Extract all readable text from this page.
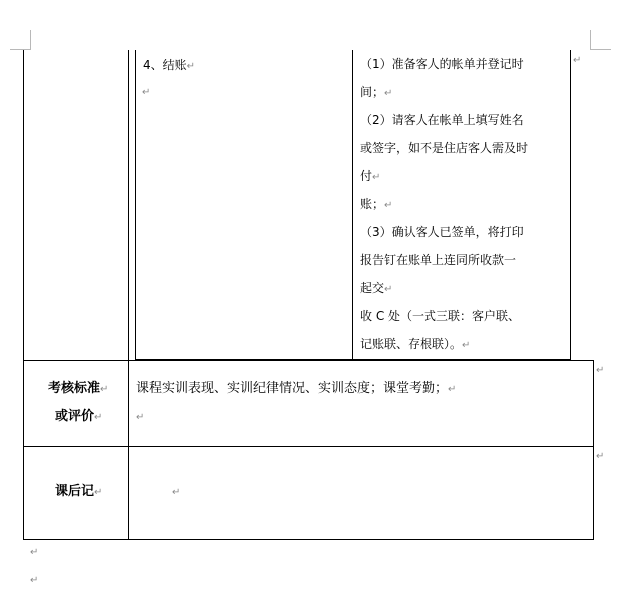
4、结账↵
↵
（1）准备客人的帐单并登记时
间；↵
（2）请客人在帐单上填写姓名
或签字，如不是住店客人需及时
付↵
账；↵
（3）确认客人已签单，将打印
报告钉在账单上连同所收款一
起交↵
收 C 处（一式三联：客户联、
记账联、存根联）。↵
↵
↵
↵
考核标准↵
或评价↵
课程实训表现、实训纪律情况、实训态度；课堂考勤；↵
↵
课后记↵	↵
↵
↵
